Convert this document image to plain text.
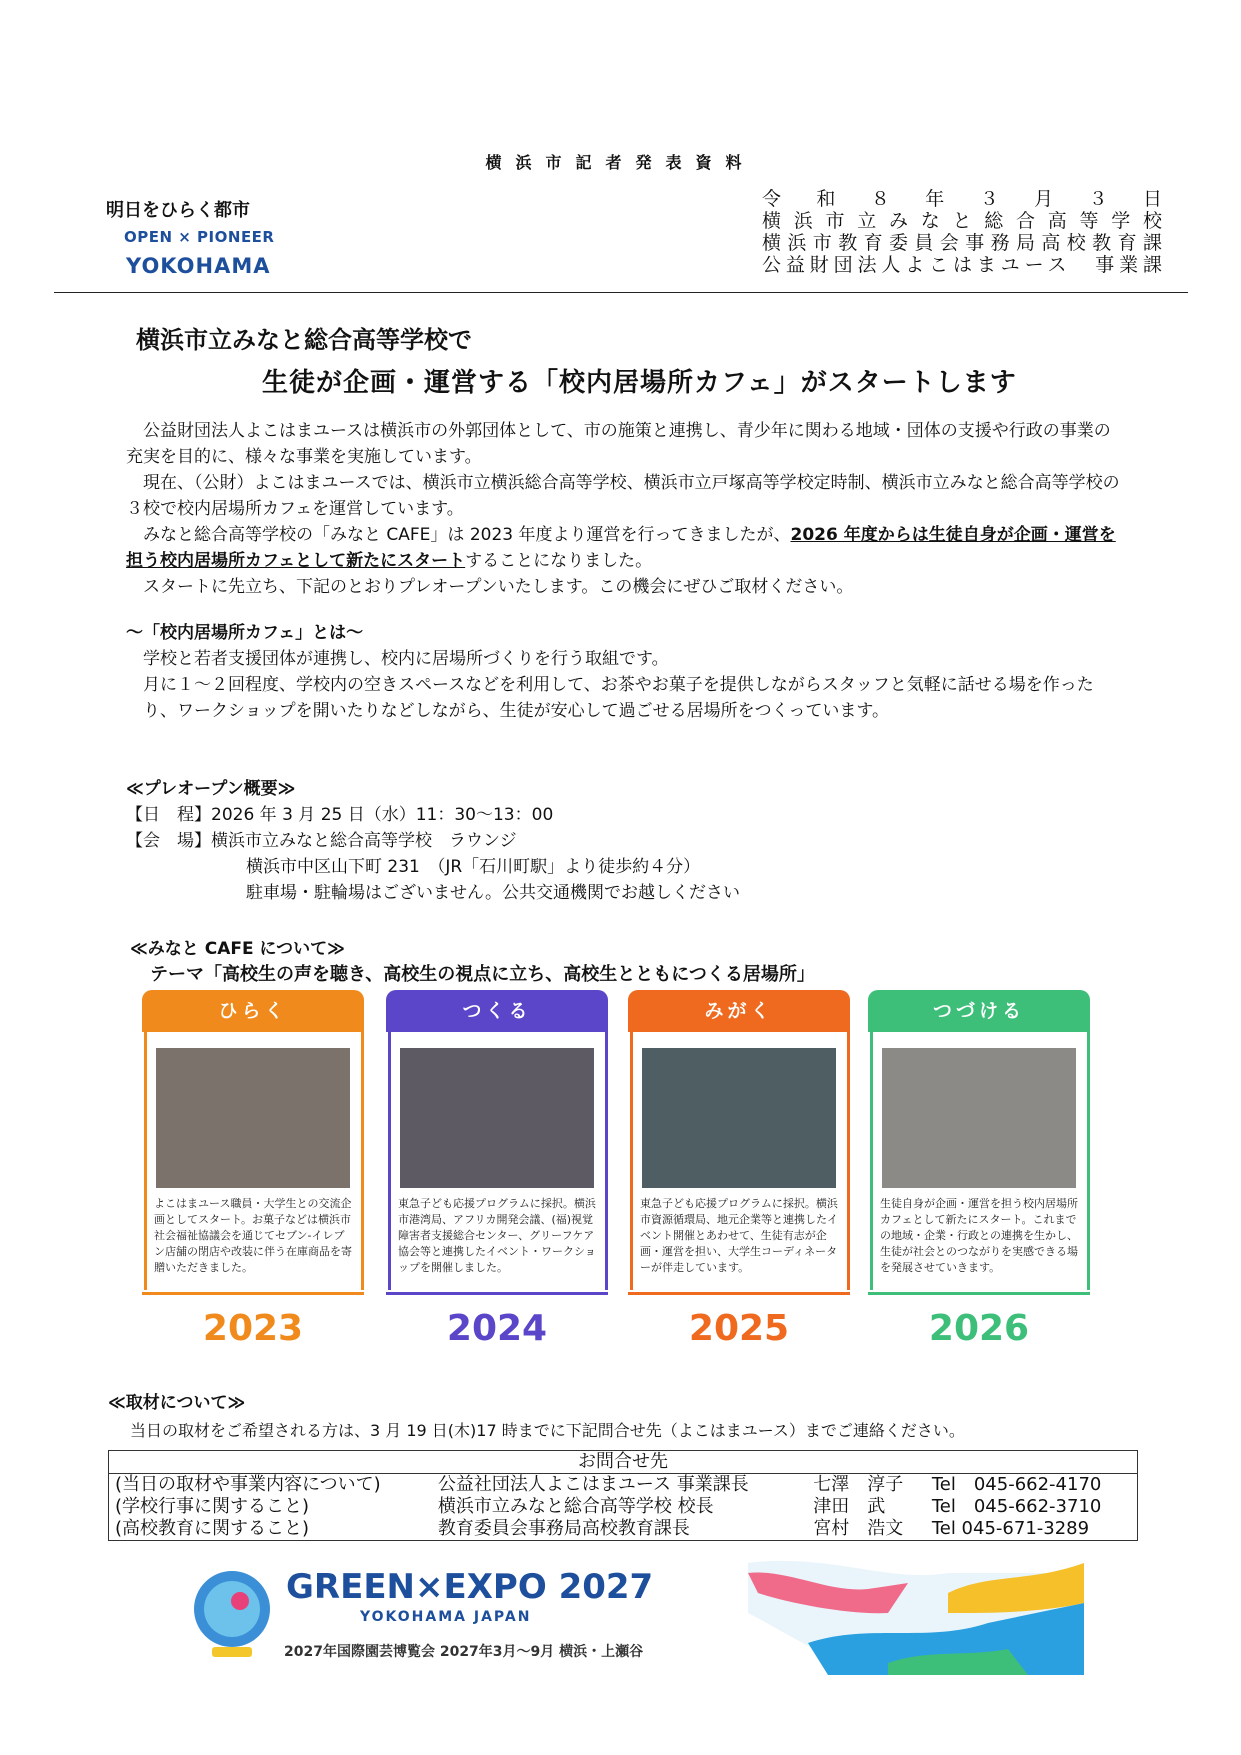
横浜市記者発表資料
明日をひらく都市
OPEN × PIONEER
YOKOHAMA
令 和 ８ 年 ３ 月 ３ 日
横浜市立みなと総合高等学校
横浜市教育委員会事務局高校教育課
公益財団法人よこはまユース　事業課
横浜市立みなと総合高等学校で
生徒が企画・運営する「校内居場所カフェ」がスタートします
公益財団法人よこはまユースは横浜市の外郭団体として、市の施策と連携し、青少年に関わる地域・団体の支援や行政の事業の充実を目的に、様々な事業を実施しています。
現在、（公財）よこはまユースでは、横浜市立横浜総合高等学校、横浜市立戸塚高等学校定時制、横浜市立みなと総合高等学校の３校で校内居場所カフェを運営しています。
みなと総合高等学校の「みなと CAFE」は 2023 年度より運営を行ってきましたが、2026 年度からは生徒自身が企画・運営を担う校内居場所カフェとして新たにスタートすることになりました。
スタートに先立ち、下記のとおりプレオープンいたします。この機会にぜひご取材ください。
～「校内居場所カフェ」とは～
学校と若者支援団体が連携し、校内に居場所づくりを行う取組です。
月に１～２回程度、学校内の空きスペースなどを利用して、お茶やお菓子を提供しながらスタッフと気軽に話せる場を作ったり、ワークショップを開いたりなどしながら、生徒が安心して過ごせる居場所をつくっています。
≪プレオープン概要≫
【日　程】2026 年 3 月 25 日（水）11：30～13：00
【会　場】横浜市立みなと総合高等学校　ラウンジ
横浜市中区山下町 231　（JR「石川町駅」より徒歩約４分）
駐車場・駐輪場はございません。公共交通機関でお越しください
≪みなと CAFE について≫
テーマ「高校生の声を聴き、高校生の視点に立ち、高校生とともにつくる居場所」
ひらく
よこはまユース職員・大学生との交流企画としてスタート。お菓子などは横浜市社会福祉協議会を通じてセブン-イレブン店舗の閉店や改装に伴う在庫商品を寄贈いただきました。
2023
つくる
東急子ども応援プログラムに採択。横浜市港湾局、アフリカ開発会議、(福)視覚障害者支援総合センター、グリーフケア協会等と連携したイベント・ワークショップを開催しました。
2024
みがく
東急子ども応援プログラムに採択。横浜市資源循環局、地元企業等と連携したイベント開催とあわせて、生徒有志が企画・運営を担い、大学生コーディネーターが伴走しています。
2025
つづける
生徒自身が企画・運営を担う校内居場所カフェとして新たにスタート。これまでの地域・企業・行政との連携を生かし、生徒が社会とのつながりを実感できる場を発展させていきます。
2026
≪取材について≫
当日の取材をご希望される方は、3 月 19 日(木)17 時までに下記問合せ先（よこはまユース）までご連絡ください。
お問合せ先			
(当日の取材や事業内容について)	公益社団法人よこはまユース 事業課長	七澤　淳子	Tel　045-662-4170
(学校行事に関すること)	横浜市立みなと総合高等学校 校長	津田　武	Tel　045-662-3710
(高校教育に関すること)	教育委員会事務局高校教育課長	宮村　浩文	Tel 045-671-3289
GREEN×EXPO 2027
YOKOHAMA JAPAN
2027年国際園芸博覧会 2027年3月～9月 横浜・上瀬谷
